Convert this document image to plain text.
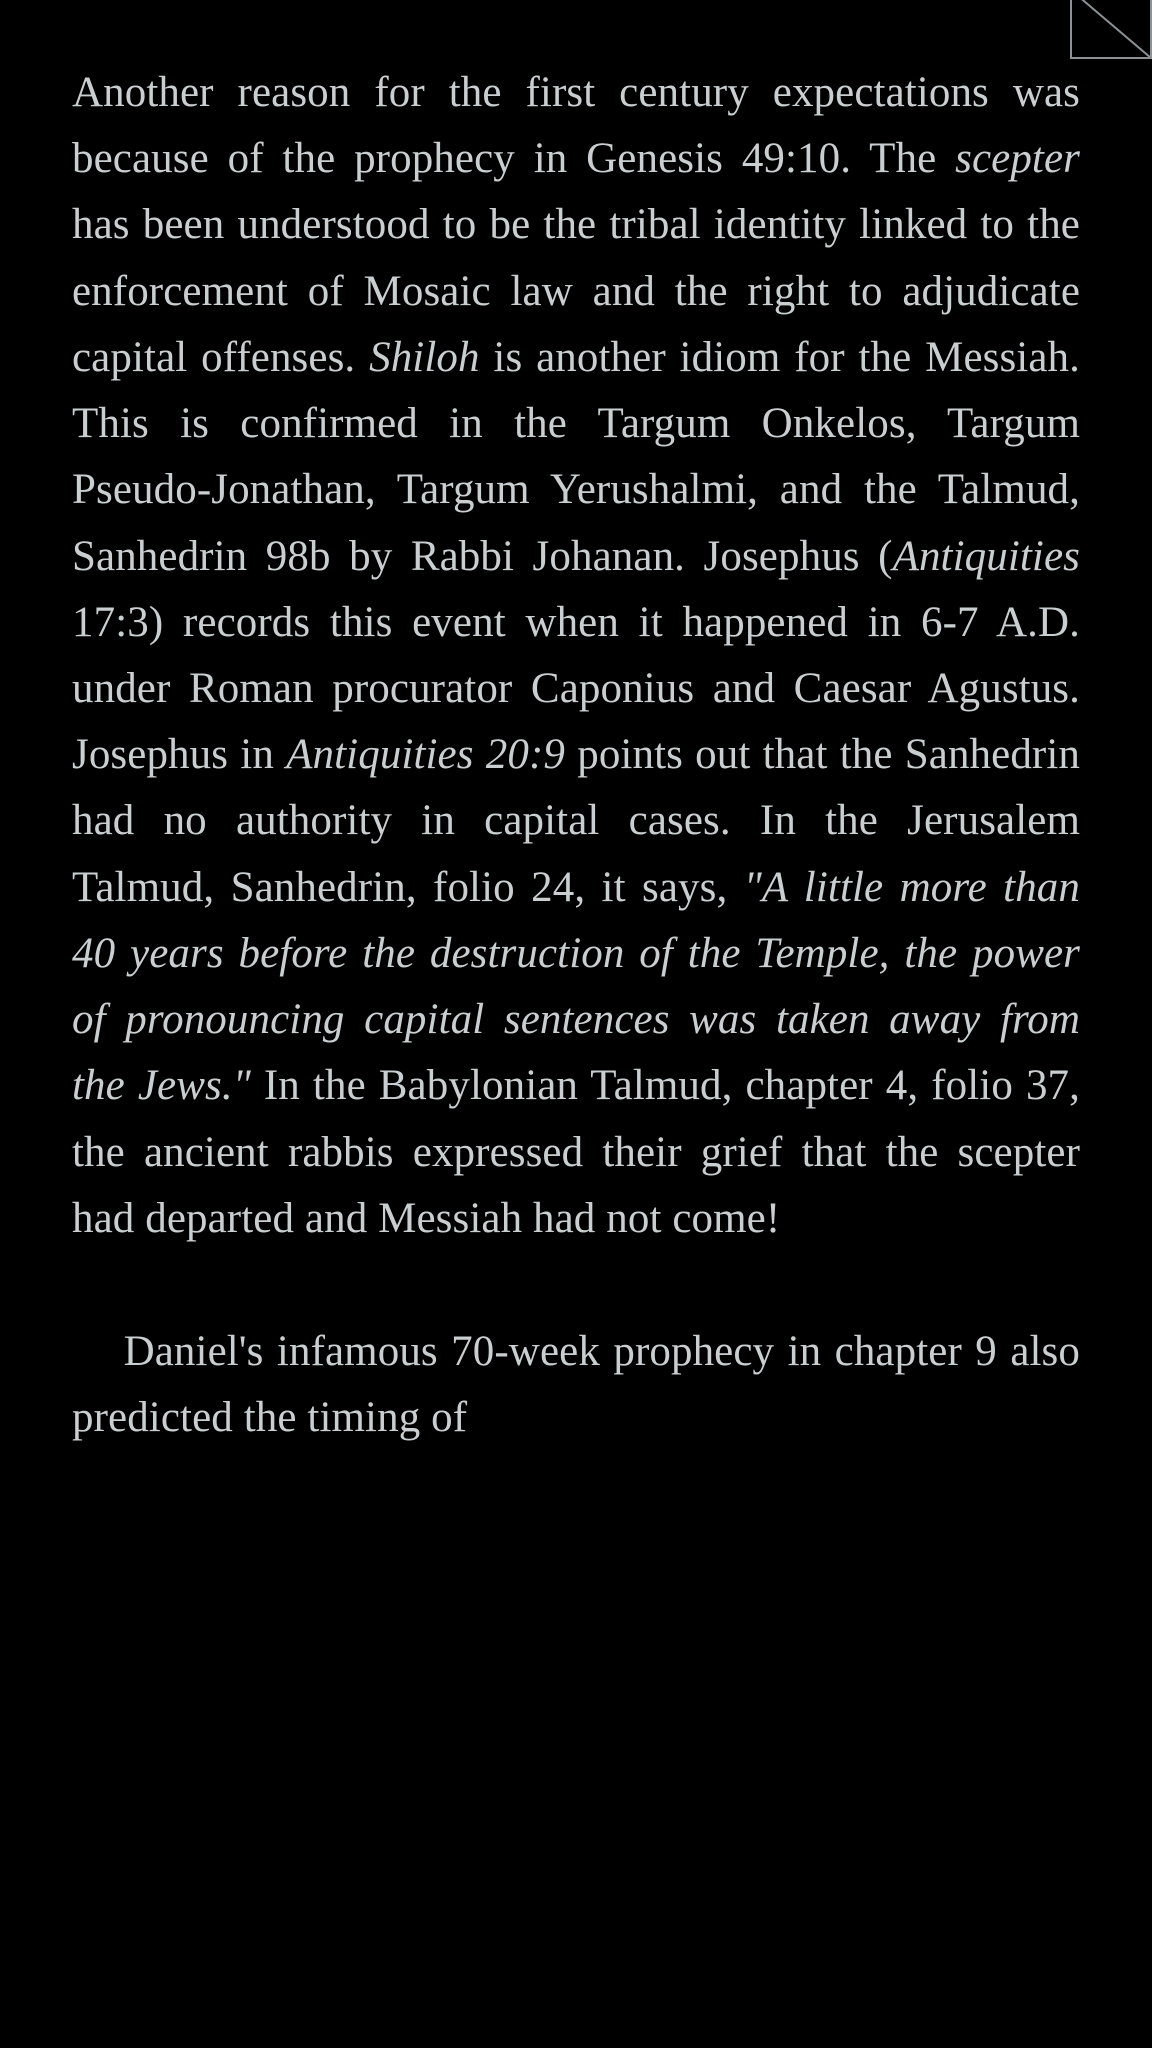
Another reason for the first century expectations was because of the prophecy in Genesis 49:10. The scepter has been understood to be the tribal identity linked to the enforcement of Mosaic law and the right to adjudicate capital offenses. Shiloh is another idiom for the Messiah. This is confirmed in the Targum Onkelos, Targum Pseudo-Jonathan, Targum Yerushalmi, and the Talmud, Sanhedrin 98b by Rabbi Johanan. Josephus (Antiquities 17:3) records this event when it happened in 6-7 A.D. under Roman procurator Caponius and Caesar Agustus. Josephus in Antiquities 20:9 points out that the Sanhedrin had no authority in capital cases. In the Jerusalem Talmud, Sanhedrin, folio 24, it says, "A little more than 40 years before the destruction of the Temple, the power of pronouncing capital sentences was taken away from the Jews." In the Babylonian Talmud, chapter 4, folio 37, the ancient rabbis expressed their grief that the scepter had departed and Messiah had not come!

Daniel's infamous 70-week prophecy in chapter 9 also predicted the timing of
